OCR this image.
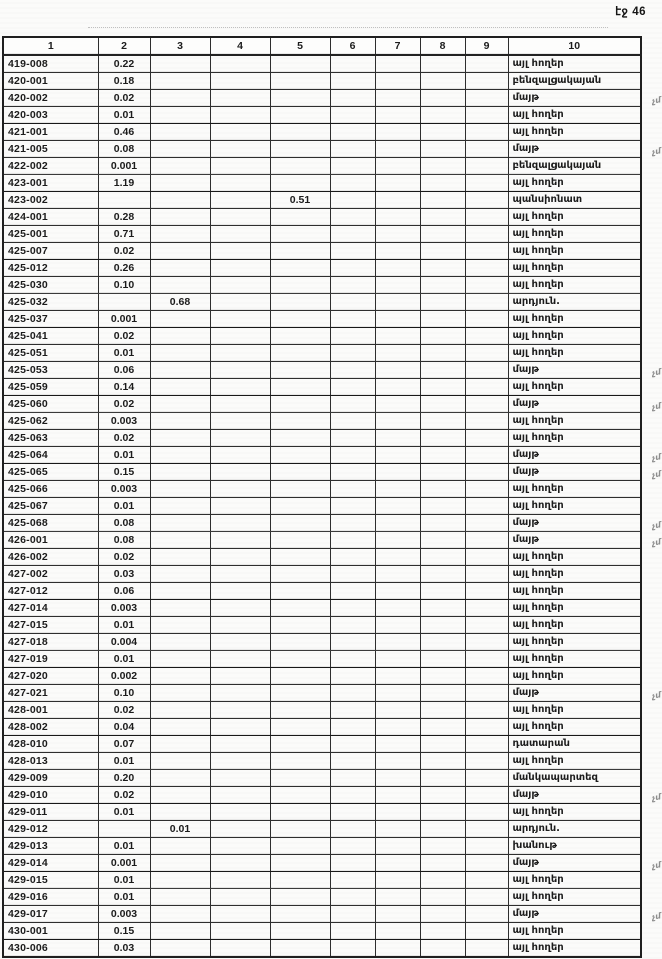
էջ 46
1	2	3	4	5	6	7	8	9	10
419-008	0.22								այլ հողեր
420-001	0.18								բենզալցակայան
420-002	0.02								մայթ չմ

420-003	0.01								այլ հողեր
421-001	0.46								այլ հողեր
421-005	0.08								մայթ չմ

422-002	0.001								բենզալցակայան
423-001	1.19								այլ հողեր
423-002				0.51					պանսիոնատ
424-001	0.28								այլ հողեր
425-001	0.71								այլ հողեր
425-007	0.02								այլ հողեր
425-012	0.26								այլ հողեր
425-030	0.10								այլ հողեր
425-032		0.68							արդյուն.
425-037	0.001								այլ հողեր
425-041	0.02								այլ հողեր
425-051	0.01								այլ հողեր
425-053	0.06								մայթ չմ

425-059	0.14								այլ հողեր
425-060	0.02								մայթ չմ

425-062	0.003								այլ հողեր
425-063	0.02								այլ հողեր
425-064	0.01								մայթ չմ

425-065	0.15								մայթ չմ

425-066	0.003								այլ հողեր
425-067	0.01								այլ հողեր
425-068	0.08								մայթ չմ

426-001	0.08								մայթ չմ

426-002	0.02								այլ հողեր
427-002	0.03								այլ հողեր
427-012	0.06								այլ հողեր
427-014	0.003								այլ հողեր
427-015	0.01								այլ հողեր
427-018	0.004								այլ հողեր
427-019	0.01								այլ հողեր
427-020	0.002								այլ հողեր
427-021	0.10								մայթ չմ

428-001	0.02								այլ հողեր
428-002	0.04								այլ հողեր
428-010	0.07								դատարան
428-013	0.01								այլ հողեր
429-009	0.20								մանկապարտեզ
429-010	0.02								մայթ չմ

429-011	0.01								այլ հողեր
429-012		0.01							արդյուն.
429-013	0.01								խանութ
429-014	0.001								մայթ չմ

429-015	0.01								այլ հողեր
429-016	0.01								այլ հողեր
429-017	0.003								մայթ չմ

430-001	0.15								այլ հողեր
430-006	0.03								այլ հողեր
